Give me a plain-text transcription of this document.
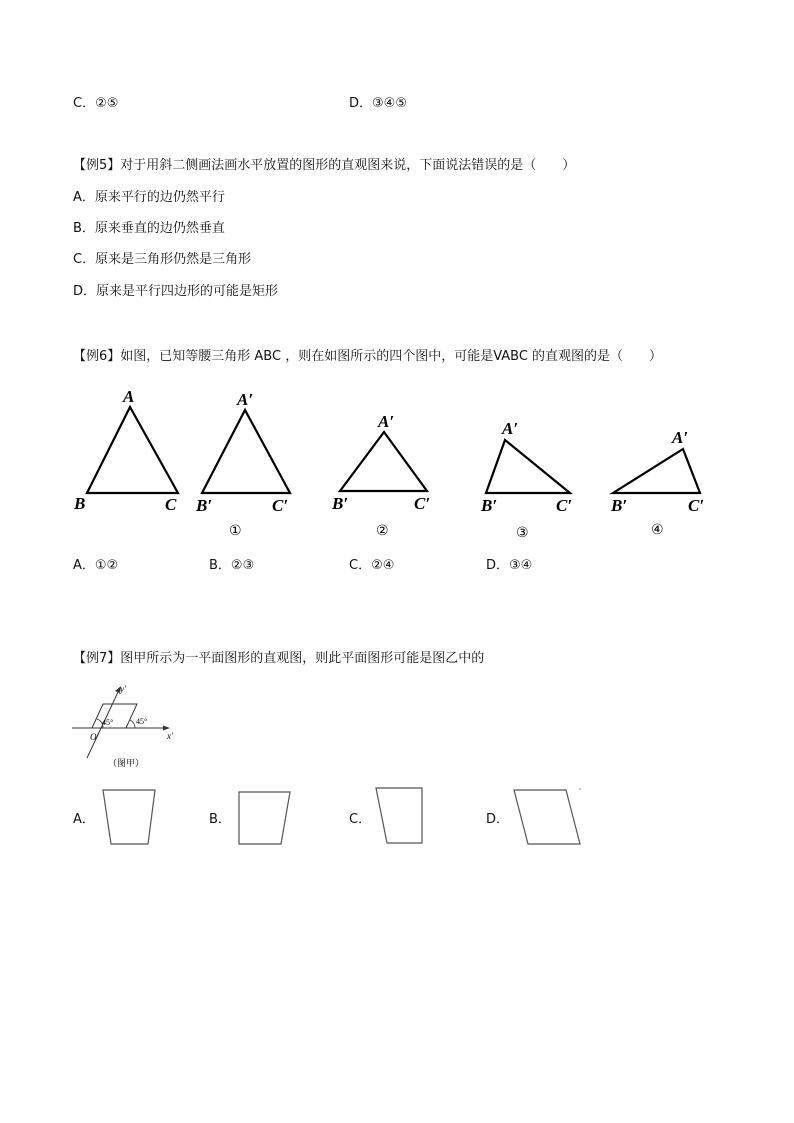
C．②⑤	D．③④⑤
【例5】对于用斜二侧画法画水平放置的图形的直观图来说，下面说法错误的是（　　）
A．原来平行的边仍然平行
B．原来垂直的边仍然垂直
C．原来是三角形仍然是三角形
D．原来是平行四边形的可能是矩形
【例6】如图，已知等腰三角形 ABC ，则在如图所示的四个图中，可能是VABC 的直观图的是（　　）
A
B	C
A′
B′	C′
①
A′
B′	C′
②
A′
B′	C′
③
A′
B′	C′
④
A．①②	B．②③	C．②④	D．③④
【例7】图甲所示为一平面图形的直观图，则此平面图形可能是图乙中的
y′
x′
O′
45°	45°
（图甲）
A．	B．	C．	D．
